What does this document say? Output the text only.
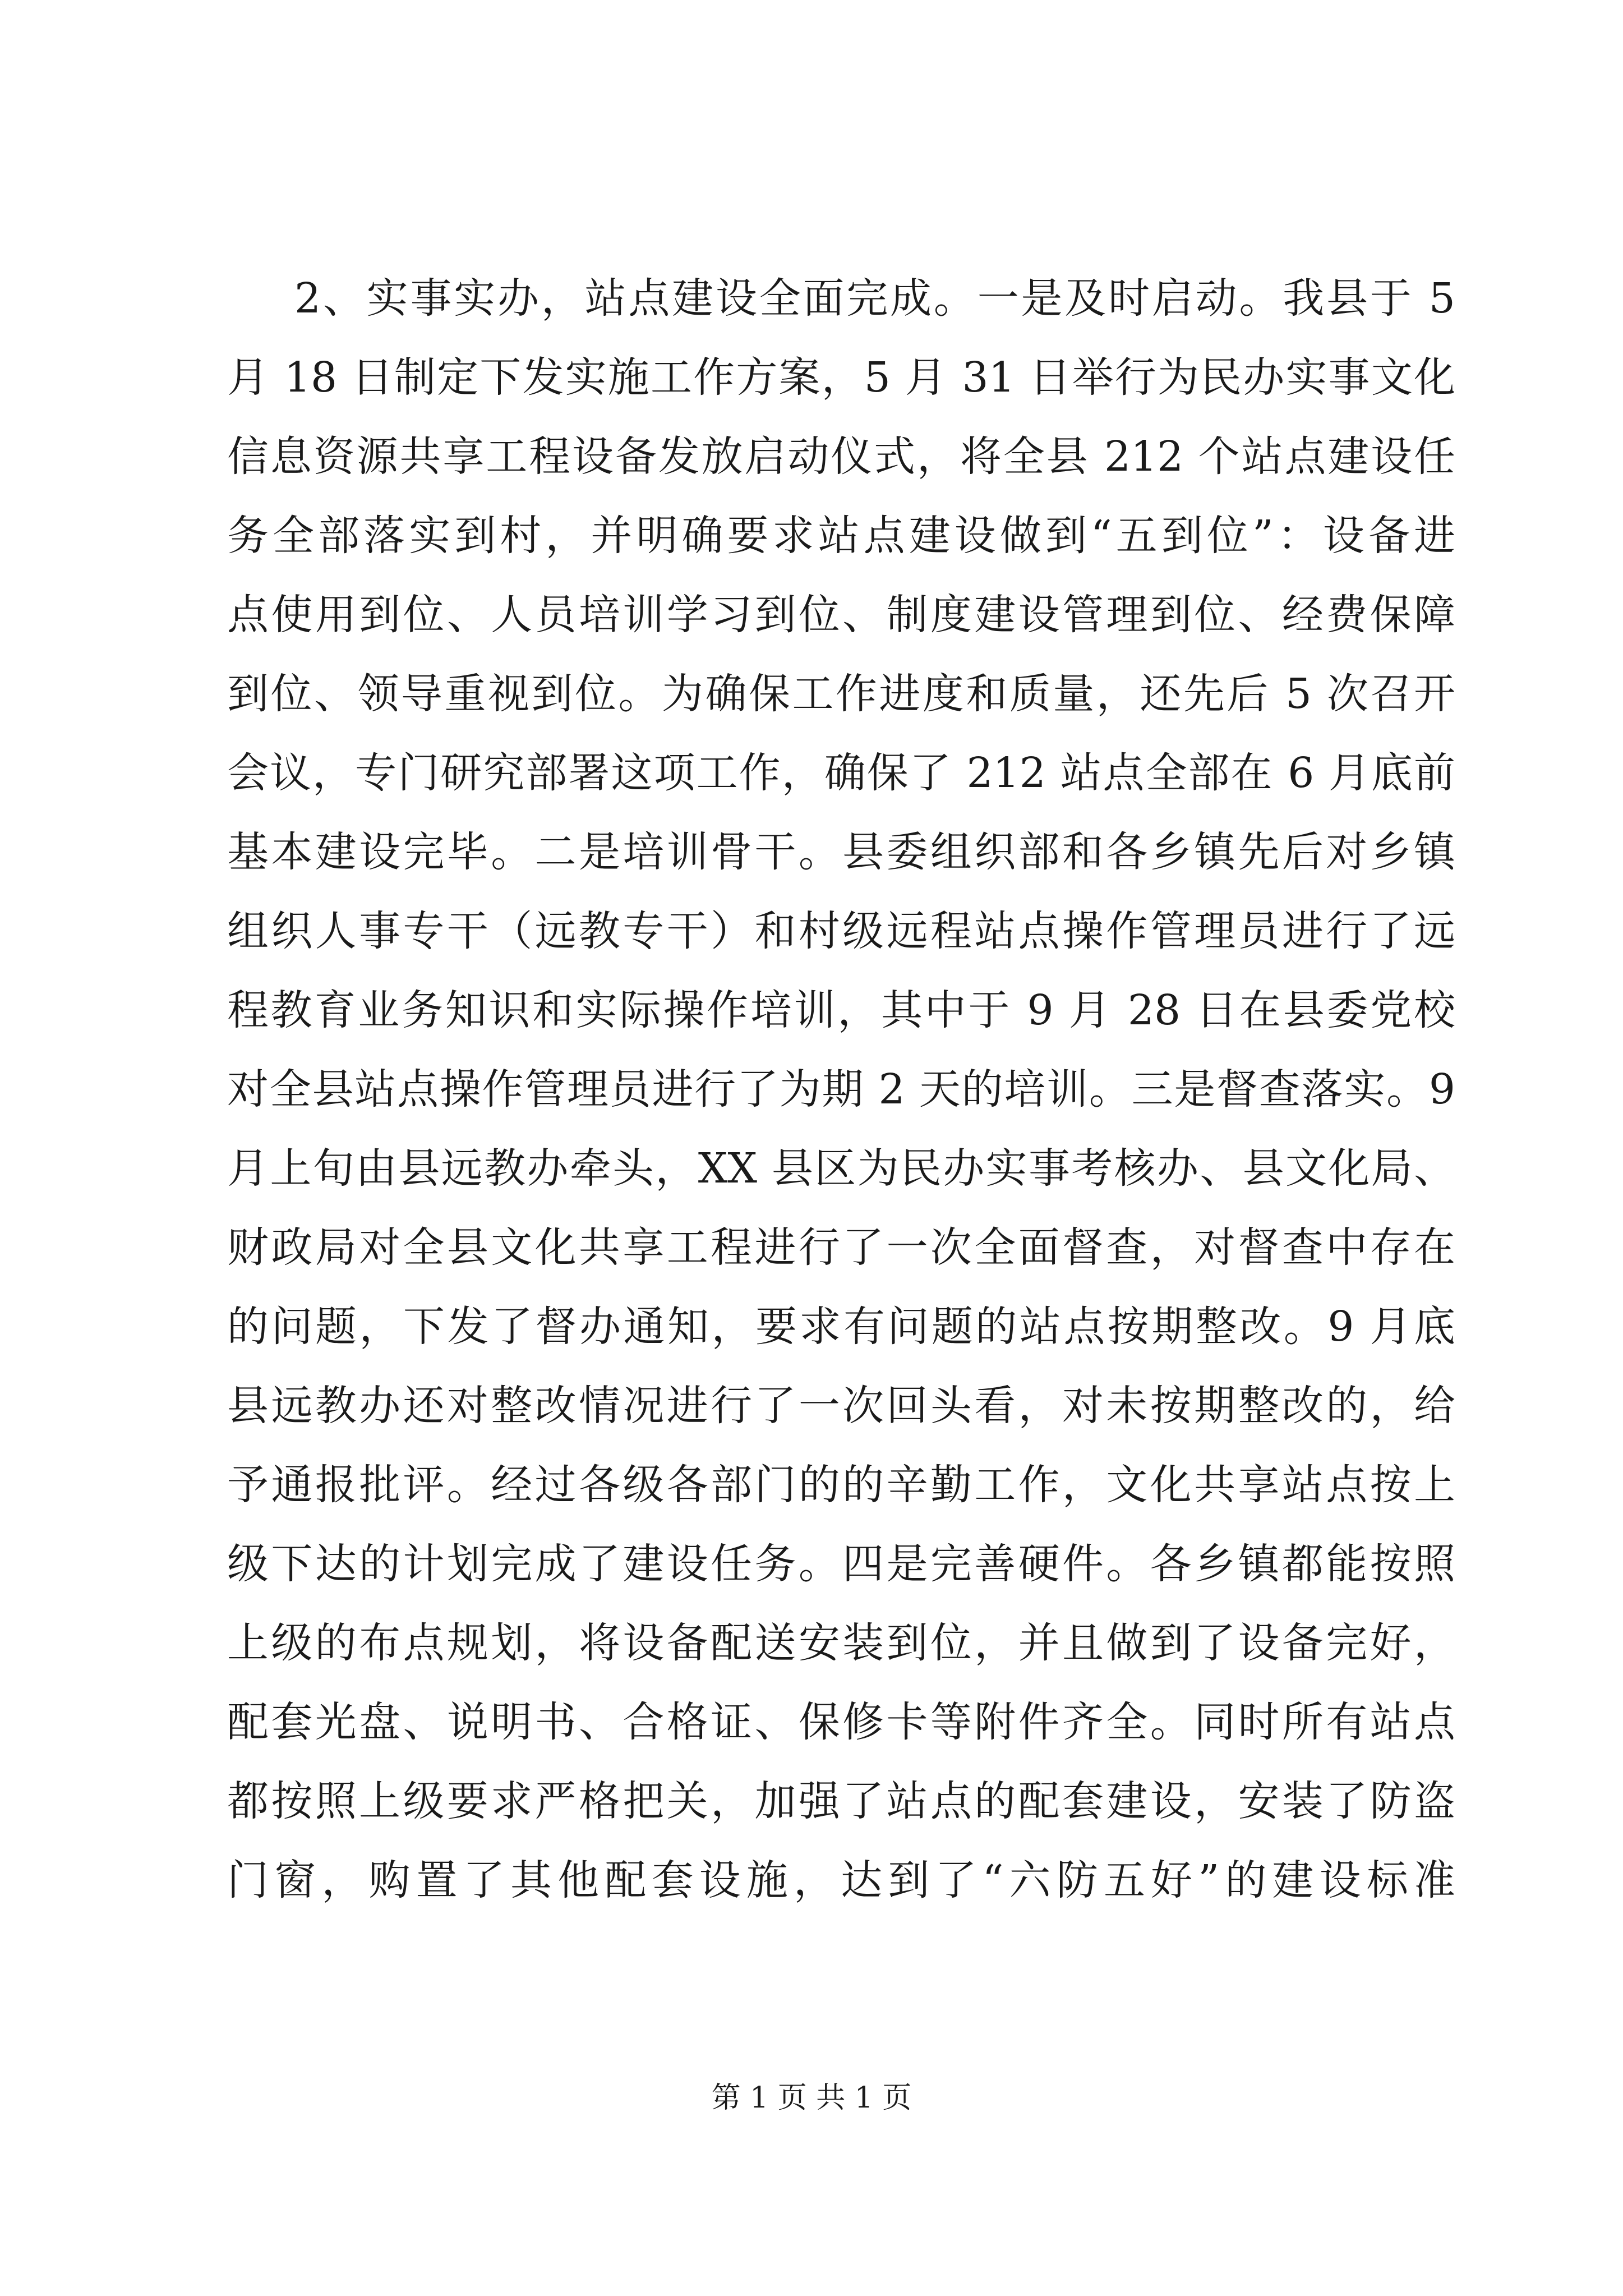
2、实事实办，站点建设全面完成。一是及时启动。我县于 5
月 18 日制定下发实施工作方案，5 月 31 日举行为民办实事文化
信息资源共享工程设备发放启动仪式，将全县 212 个站点建设任
务全部落实到村，并明确要求站点建设做到“五到位”：设备进
点使用到位、人员培训学习到位、制度建设管理到位、经费保障
到位、领导重视到位。为确保工作进度和质量，还先后 5 次召开
会议，专门研究部署这项工作，确保了 212 站点全部在 6 月底前
基本建设完毕。二是培训骨干。县委组织部和各乡镇先后对乡镇
组织人事专干（远教专干）和村级远程站点操作管理员进行了远
程教育业务知识和实际操作培训，其中于 9 月 28 日在县委党校
对全县站点操作管理员进行了为期 2 天的培训。三是督查落实。9
月上旬由县远教办牵头，XX 县区为民办实事考核办、县文化局、
财政局对全县文化共享工程进行了一次全面督查，对督查中存在
的问题，下发了督办通知，要求有问题的站点按期整改。9 月底
县远教办还对整改情况进行了一次回头看，对未按期整改的，给
予通报批评。经过各级各部门的的辛勤工作，文化共享站点按上
级下达的计划完成了建设任务。四是完善硬件。各乡镇都能按照
上级的布点规划，将设备配送安装到位，并且做到了设备完好，
配套光盘、说明书、合格证、保修卡等附件齐全。同时所有站点
都按照上级要求严格把关，加强了站点的配套建设，安装了防盗
门窗，购置了其他配套设施，达到了“六防五好”的建设标准
第 1 页 共 1 页
